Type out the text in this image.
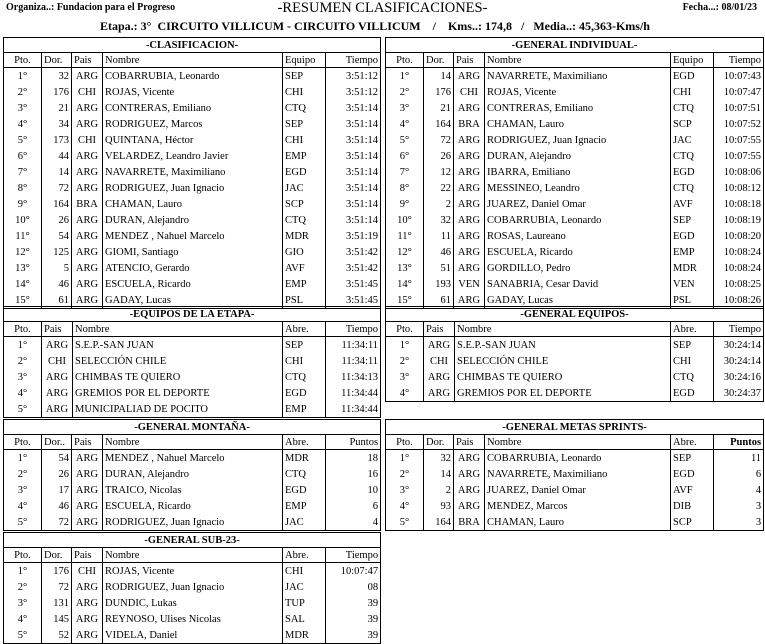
Organiza..: Fundacion para el Progreso	-RESUMEN CLASIFICACIONES-	Fecha...: 08/01/23
Etapa.: 3° CIRCUITO VILLICUM - CIRCUITO VILLICUM / Kms..: 174,8 / Media..: 45,363-Kms/h
-CLASIFICACION-					
Pto.	Dor.	Pais	Nombre	Equipo	Tiempo
1°	32	ARG	COBARRUBIA, Leonardo	SEP	3:51:12
2°	176	CHI	ROJAS, Vicente	CHI	3:51:12
3°	21	ARG	CONTRERAS, Emiliano	CTQ	3:51:14
4°	34	ARG	RODRIGUEZ, Marcos	SEP	3:51:14
5°	173	CHI	QUINTANA, Héctor	CHI	3:51:14
6°	44	ARG	VELARDEZ, Leandro Javier	EMP	3:51:14
7°	14	ARG	NAVARRETE, Maximiliano	EGD	3:51:14
8°	72	ARG	RODRIGUEZ, Juan Ignacio	JAC	3:51:14
9°	164	BRA	CHAMAN, Lauro	SCP	3:51:14
10°	26	ARG	DURAN, Alejandro	CTQ	3:51:14
11°	54	ARG	MENDEZ , Nahuel Marcelo	MDR	3:51:19
12°	125	ARG	GIOMI, Santiago	GIO	3:51:42
13°	5	ARG	ATENCIO, Gerardo	AVF	3:51:42
14°	46	ARG	ESCUELA, Ricardo	EMP	3:51:45
15°	61	ARG	GADAY, Lucas	PSL	3:51:45
-GENERAL INDIVIDUAL-					
Pto.	Dor.	Pais	Nombre	Equipo	Tiempo
1°	14	ARG	NAVARRETE, Maximiliano	EGD	10:07:43
2°	176	CHI	ROJAS, Vicente	CHI	10:07:47
3°	21	ARG	CONTRERAS, Emiliano	CTQ	10:07:51
4°	164	BRA	CHAMAN, Lauro	SCP	10:07:52
5°	72	ARG	RODRIGUEZ, Juan Ignacio	JAC	10:07:55
6°	26	ARG	DURAN, Alejandro	CTQ	10:07:55
7°	12	ARG	IBARRA, Emiliano	EGD	10:08:06
8°	22	ARG	MESSINEO, Leandro	CTQ	10:08:12
9°	2	ARG	JUAREZ, Daniel Omar	AVF	10:08:18
10°	32	ARG	COBARRUBIA, Leonardo	SEP	10:08:19
11°	11	ARG	ROSAS, Laureano	EGD	10:08:20
12°	46	ARG	ESCUELA, Ricardo	EMP	10:08:24
13°	51	ARG	GORDILLO, Pedro	MDR	10:08:24
14°	193	VEN	SANABRIA, Cesar David	VEN	10:08:25
15°	61	ARG	GADAY, Lucas	PSL	10:08:26
-EQUIPOS DE LA ETAPA-				
Pto.	Pais	Nombre	Abre.	Tiempo
1°	ARG	S.E.P.-SAN JUAN	SEP	11:34:11
2°	CHI	SELECCIÓN CHILE	CHI	11:34:11
3°	ARG	CHIMBAS TE QUIERO	CTQ	11:34:13
4°	ARG	GREMIOS POR EL DEPORTE	EGD	11:34:44
5°	ARG	MUNICIPALIAD DE POCITO	EMP	11:34:44
-GENERAL EQUIPOS-				
Pto.	Pais	Nombre	Abre.	Tiempo
1°	ARG	S.E.P.-SAN JUAN	SEP	30:24:14
2°	CHI	SELECCIÓN CHILE	CHI	30:24:14
3°	ARG	CHIMBAS TE QUIERO	CTQ	30:24:16
4°	ARG	GREMIOS POR EL DEPORTE	EGD	30:24:37
-GENERAL MONTAÑA-					
Pto.	Dor..	Pais	Nombre	Abre.	Puntos
1°	54	ARG	MENDEZ , Nahuel Marcelo	MDR	18
2°	26	ARG	DURAN, Alejandro	CTQ	16
3°	17	ARG	TRAICO, Nicolas	EGD	10
4°	46	ARG	ESCUELA, Ricardo	EMP	6
5°	72	ARG	RODRIGUEZ, Juan Ignacio	JAC	4
-GENERAL METAS SPRINTS-					
Pto.	Dor.	Pais	Nombre	Abre.	Puntos
1°	32	ARG	COBARRUBIA, Leonardo	SEP	11
2°	14	ARG	NAVARRETE, Maximiliano	EGD	6
3°	2	ARG	JUAREZ, Daniel Omar	AVF	4
4°	93	ARG	MENDEZ, Marcos	DIB	3
5°	164	BRA	CHAMAN, Lauro	SCP	3
-GENERAL SUB-23-					
Pto.	Dor.	Pais	Nombre	Abre.	Tiempo
1°	176	CHI	ROJAS, Vicente	CHI	10:07:47
2°	72	ARG	RODRIGUEZ, Juan Ignacio	JAC	08
3°	131	ARG	DUNDIC, Lukas	TUP	39
4°	145	ARG	REYNOSO, Ulises Nicolas	SAL	39
5°	52	ARG	VIDELA, Daniel	MDR	39
